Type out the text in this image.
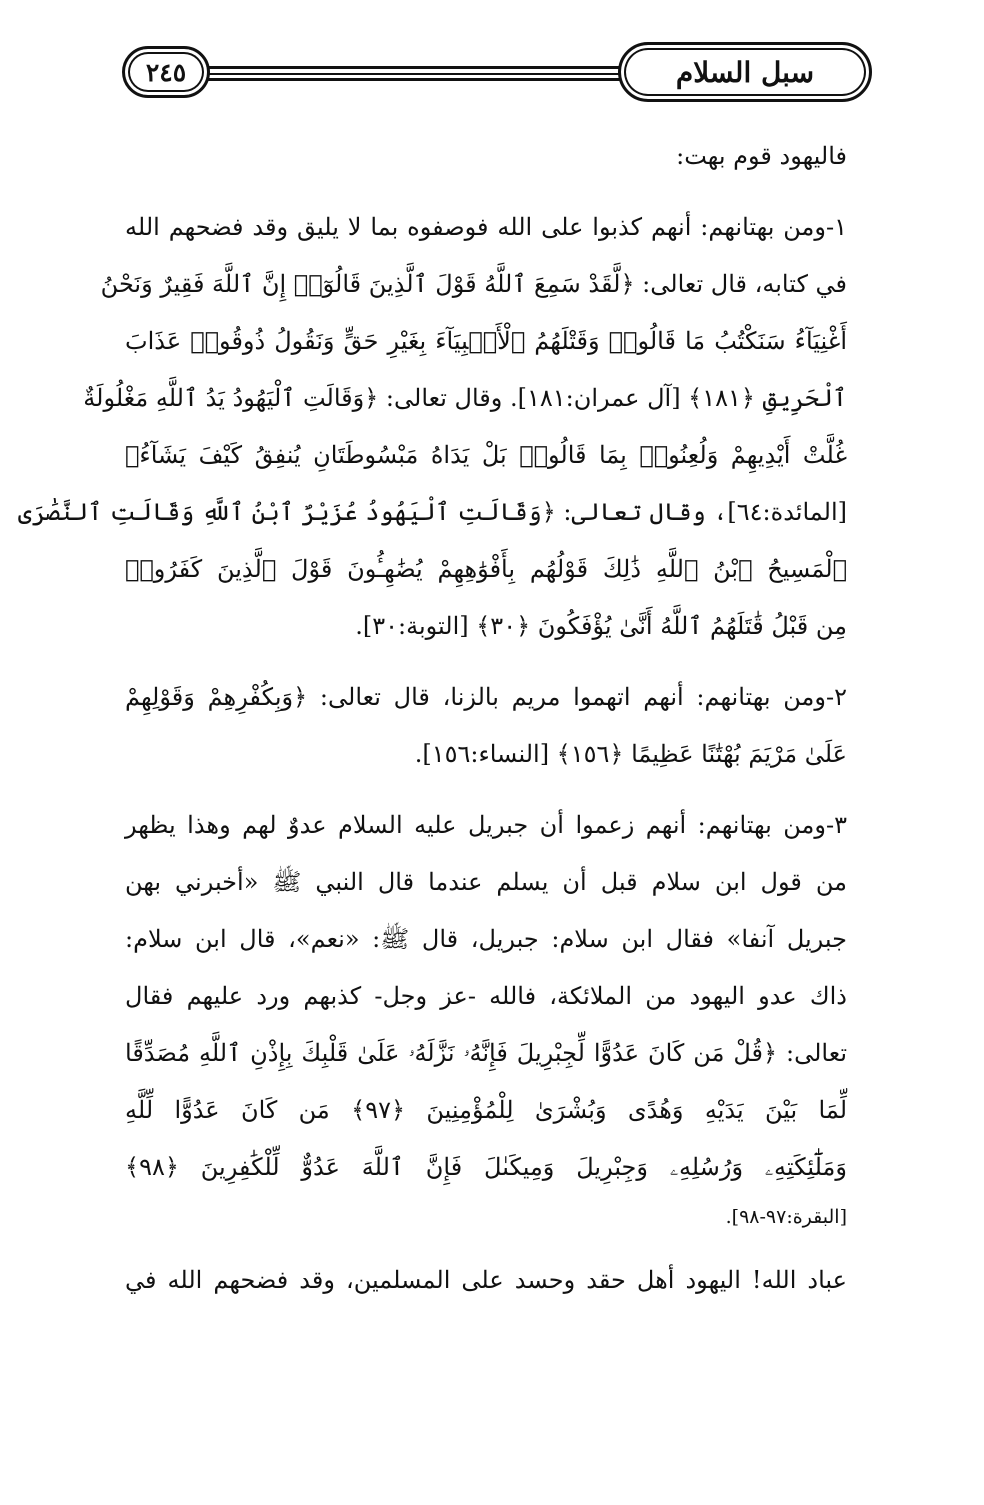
٢٤٥	سبل السلام
فاليهود قوم بهت:
١-ومن بهتانهم: أنهم كذبوا على الله فوصفوه بما لا يليق وقد فضحهم الله
في كتابه، قال تعالى: ﴿لَّقَدْ سَمِعَ ٱللَّهُ قَوْلَ ٱلَّذِينَ قَالُوٓا۟ إِنَّ ٱللَّهَ فَقِيرٌ وَنَحْنُ
أَغْنِيَآءُ سَنَكْتُبُ مَا قَالُوا۟ وَقَتْلَهُمُ ٱلْأَنۢبِيَآءَ بِغَيْرِ حَقٍّ وَنَقُولُ ذُوقُوا۟ عَذَابَ
ٱلْحَرِيقِ ﴿١٨١﴾ [آل عمران:١٨١]. وقال تعالى: ﴿وَقَالَتِ ٱلْيَهُودُ يَدُ ٱللَّهِ مَغْلُولَةٌ
غُلَّتْ أَيْدِيهِمْ وَلُعِنُوا۟ بِمَا قَالُوا۟ بَلْ يَدَاهُ مَبْسُوطَتَانِ يُنفِقُ كَيْفَ يَشَآءُ﴾
[المائدة:٦٤]، وقال تعالى: ﴿وَقَالَتِ ٱلْيَهُودُ عُزَيْرٌ ٱبْنُ ٱللَّهِ وَقَالَتِ ٱلنَّصَٰرَى
ٱلْمَسِيحُ ٱبْنُ ٱللَّهِ ذَٰلِكَ قَوْلُهُم بِأَفْوَٰهِهِمْ يُضَٰهِـُٔونَ قَوْلَ ٱلَّذِينَ كَفَرُوا۟
مِن قَبْلُ قَٰتَلَهُمُ ٱللَّهُ أَنَّىٰ يُؤْفَكُونَ ﴿٣٠﴾ [التوبة:٣٠].
٢-ومن بهتانهم: أنهم اتهموا مريم بالزنا، قال تعالى: ﴿وَبِكُفْرِهِمْ وَقَوْلِهِمْ
عَلَىٰ مَرْيَمَ بُهْتَٰنًا عَظِيمًا ﴿١٥٦﴾ [النساء:١٥٦].
٣-ومن بهتانهم: أنهم زعموا أن جبريل عليه السلام عدوٌ لهم وهذا يظهر
من قول ابن سلام قبل أن يسلم عندما قال النبي ﷺ «أخبرني بهن
جبريل آنفا» فقال ابن سلام: جبريل، قال ﷺ: «نعم»، قال ابن سلام:
ذاك عدو اليهود من الملائكة، فالله -عز وجل- كذبهم ورد عليهم فقال
تعالى: ﴿قُلْ مَن كَانَ عَدُوًّا لِّجِبْرِيلَ فَإِنَّهُۥ نَزَّلَهُۥ عَلَىٰ قَلْبِكَ بِإِذْنِ ٱللَّهِ مُصَدِّقًا
لِّمَا بَيْنَ يَدَيْهِ وَهُدًى وَبُشْرَىٰ لِلْمُؤْمِنِينَ ﴿٩٧﴾ مَن كَانَ عَدُوًّا لِّلَّهِ
وَمَلَٰٓئِكَتِهِۦ وَرُسُلِهِۦ وَجِبْرِيلَ وَمِيكَىٰلَ فَإِنَّ ٱللَّهَ عَدُوٌّ لِّلْكَٰفِرِينَ ﴿٩٨﴾
[البقرة:٩٧-٩٨].
عباد الله! اليهود أهل حقد وحسد على المسلمين، وقد فضحهم الله في
